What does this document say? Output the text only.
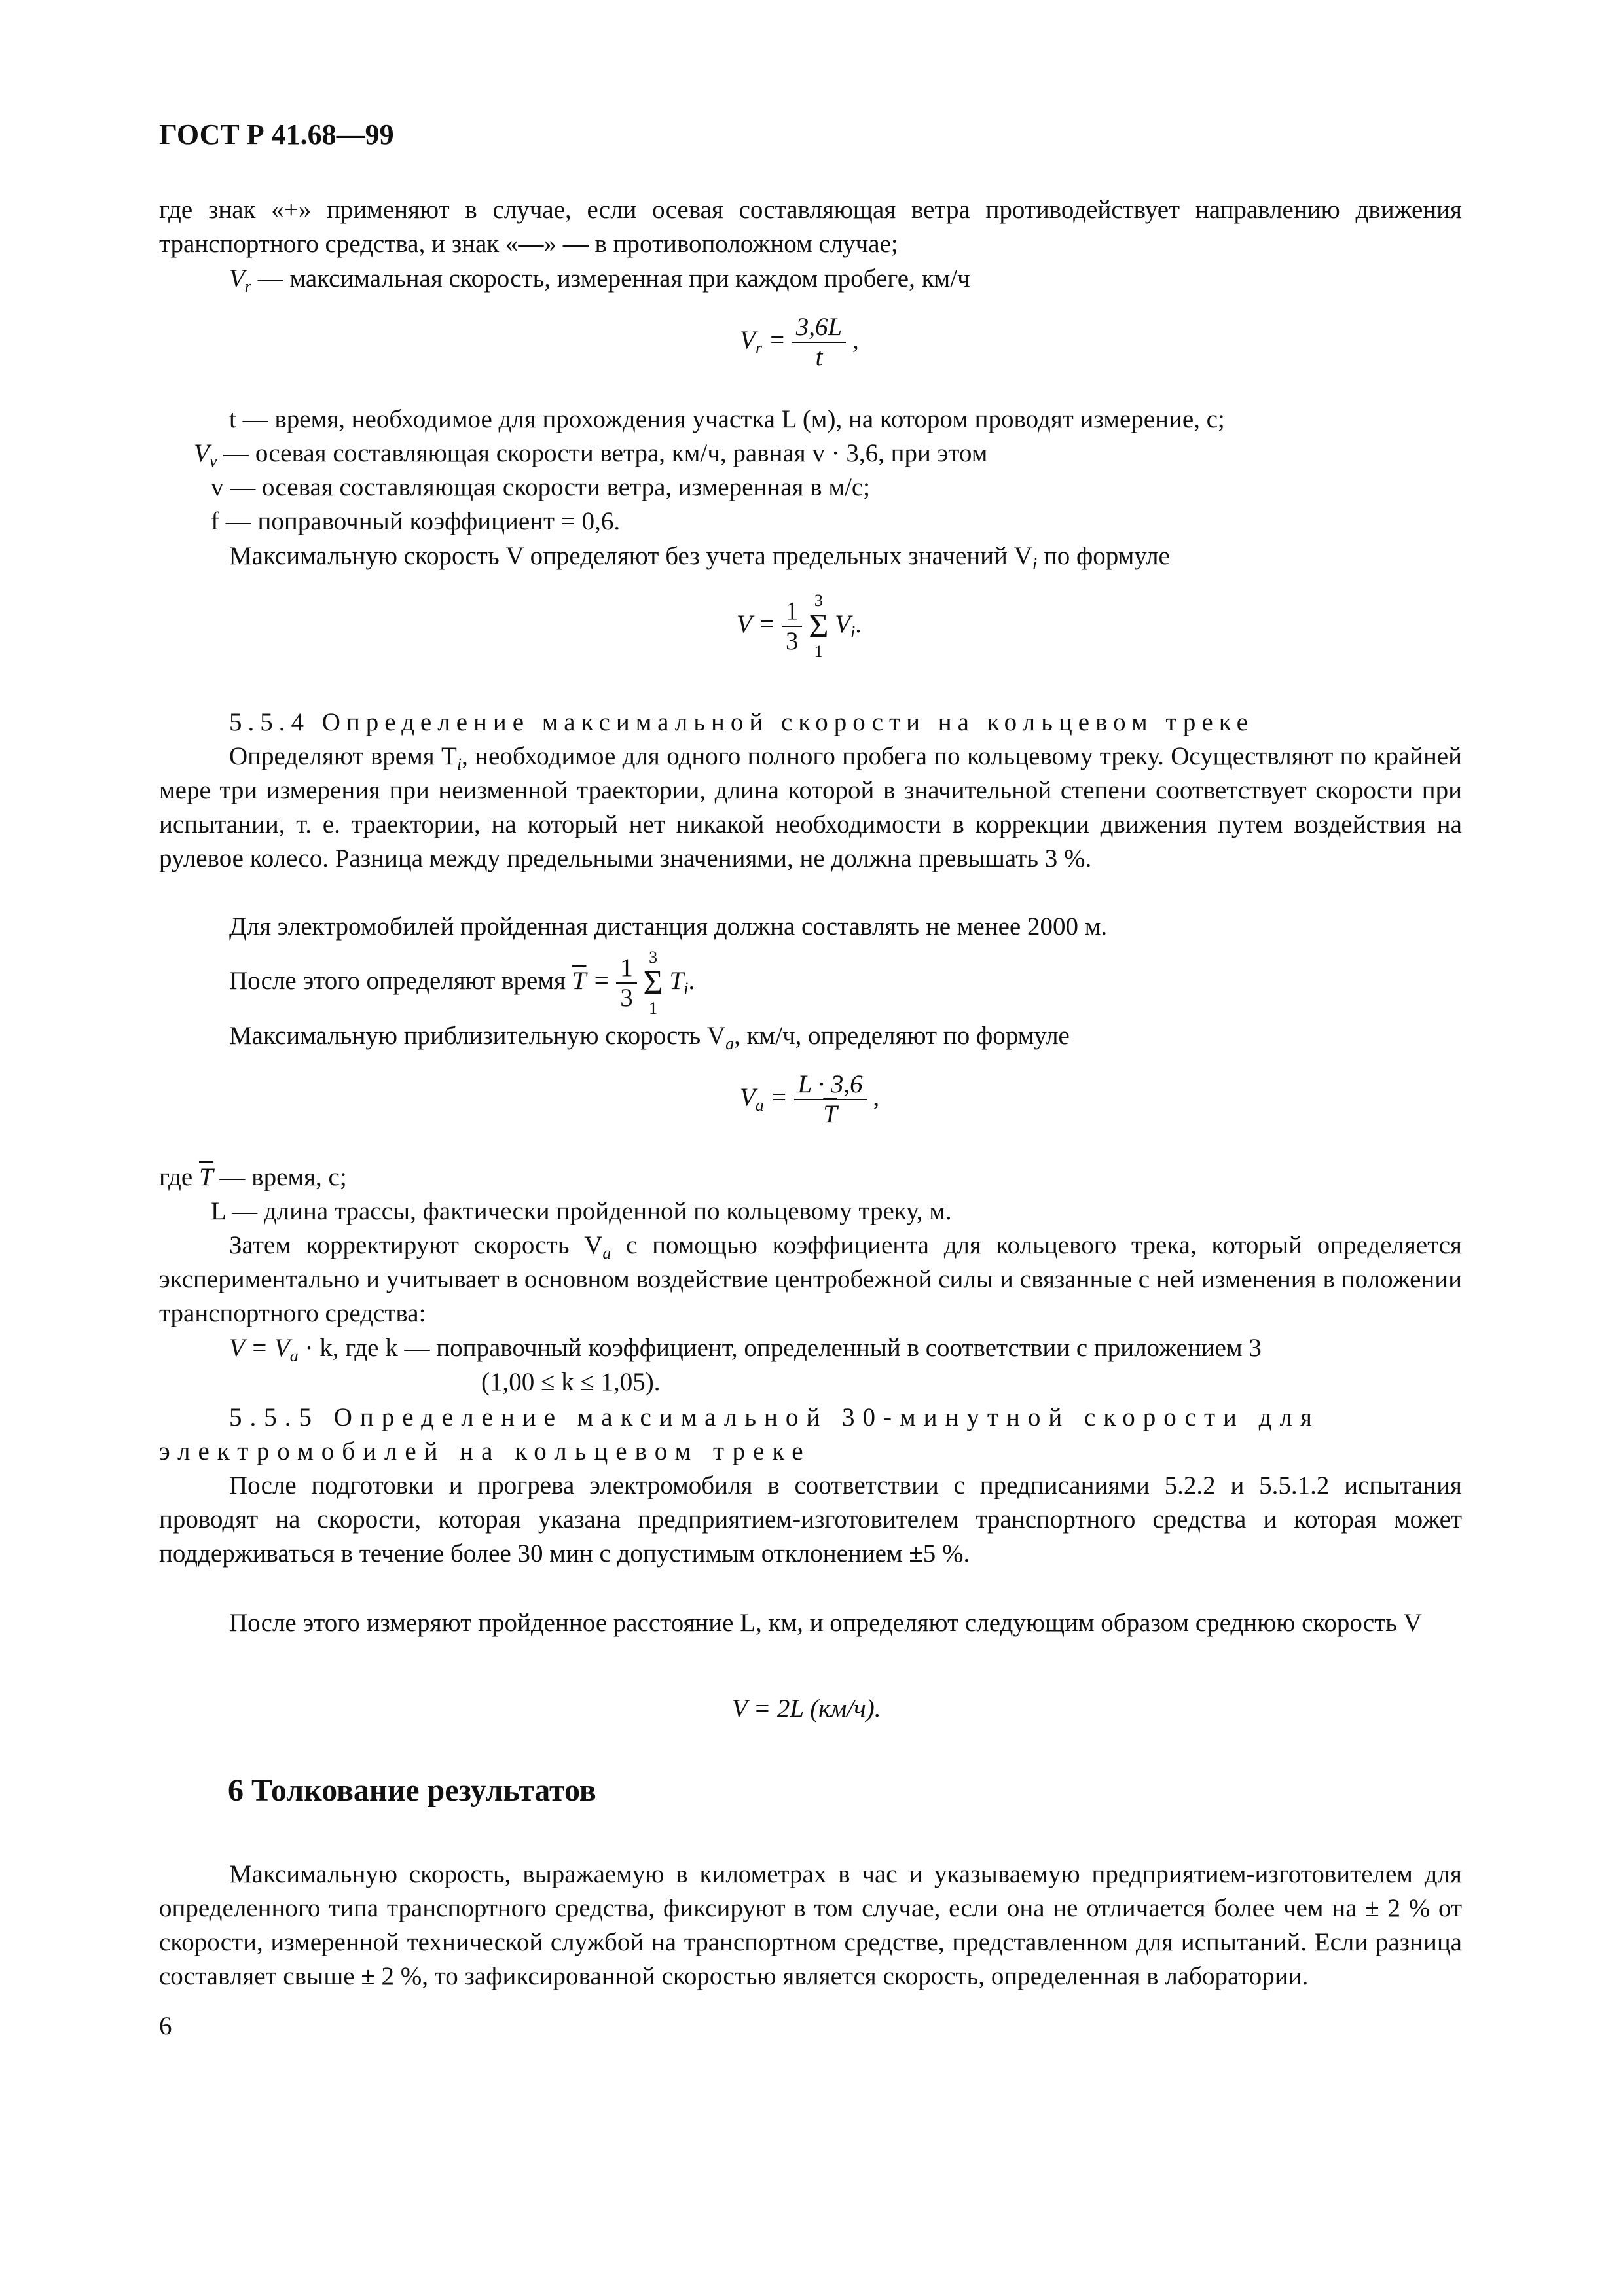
ГОСТ Р 41.68—99
где знак «+» применяют в случае, если осевая составляющая ветра противодействует направлению движения транспортного средства, и знак «—» — в противоположном случае;
$V_r$ — максимальная скорость, измеренная при каждом пробеге, км/ч
$V_r = \frac{3,6L}{t}$ ,
t — время, необходимое для прохождения участка L (м), на котором проводят измерение, с;
$V_v$ — осевая составляющая скорости ветра, км/ч, равная v · 3,6, при этом
v — осевая составляющая скорости ветра, измеренная в м/с;
f — поправочный коэффициент = 0,6.
Максимальную скорость V определяют без учета предельных значений $V_i$ по формуле
$V = \frac{1}{3}$
3
Σ
1
$V_i$.
5.5.4 Определение максимальной скорости на кольцевом треке
Определяют время $T_i$, необходимое для одного полного пробега по кольцевому треку. Осуществляют по крайней мере три измерения при неизменной траектории, длина которой в значительной степени соответствует скорости при испытании, т. е. траектории, на который нет никакой необходимости в коррекции движения путем воздействия на рулевое колесо. Разница между предельными значениями, не должна превышать 3 %.
Для электромобилей пройденная дистанция должна составлять не менее 2000 м.
После этого определяют время $\overline{T} = \frac{1}{3}$
3
Σ
1
$T_i$.
Максимальную приблизительную скорость $V_a$, км/ч, определяют по формуле
$V_a = \frac{L \cdot 3,6}{T}$ ,
где $\overline{T}$ — время, с;
L — длина трассы, фактически пройденной по кольцевому треку, м.
Затем корректируют скорость $V_a$ с помощью коэффициента для кольцевого трека, который определяется экспериментально и учитывает в основном воздействие центробежной силы и связанные с ней изменения в положении транспортного средства:
$V = V_a \cdot k$, где k — поправочный коэффициент, определенный в соответствии с приложением 3
(1,00 ≤ k ≤ 1,05).
5.5.5 Определение максимальной 30-минутной скорости для
электромобилей на кольцевом треке
После подготовки и прогрева электромобиля в соответствии с предписаниями 5.2.2 и 5.5.1.2 испытания проводят на скорости, которая указана предприятием-изготовителем транспортного средства и которая может поддерживаться в течение более 30 мин с допустимым отклонением ±5 %.
После этого измеряют пройденное расстояние L, км, и определяют следующим образом среднюю скорость V
V = 2L (км/ч).
6 Толкование результатов
Максимальную скорость, выражаемую в километрах в час и указываемую предприятием-изготовителем для определенного типа транспортного средства, фиксируют в том случае, если она не отличается более чем на ± 2 % от скорости, измеренной технической службой на транспортном средстве, представленном для испытаний. Если разница составляет свыше ± 2 %, то зафиксированной скоростью является скорость, определенная в лаборатории.
6
